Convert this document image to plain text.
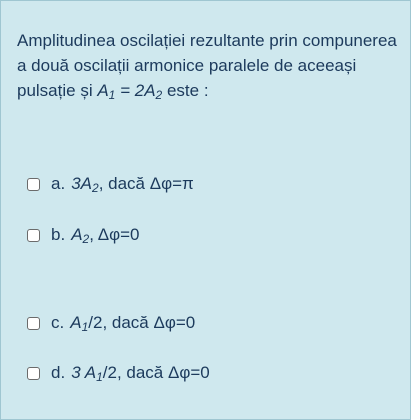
Amplitudinea oscilației rezultante prin compunerea a două oscilații armonice paralele de aceeași pulsație și $A_1 = 2A_2$ este :
a. $3A_2$ , dacă Δφ=π
b. $A_2$ , Δφ=0
c. $A_1$ /2, dacă Δφ=0
d. 3 $A_1$ /2, dacă Δφ=0
